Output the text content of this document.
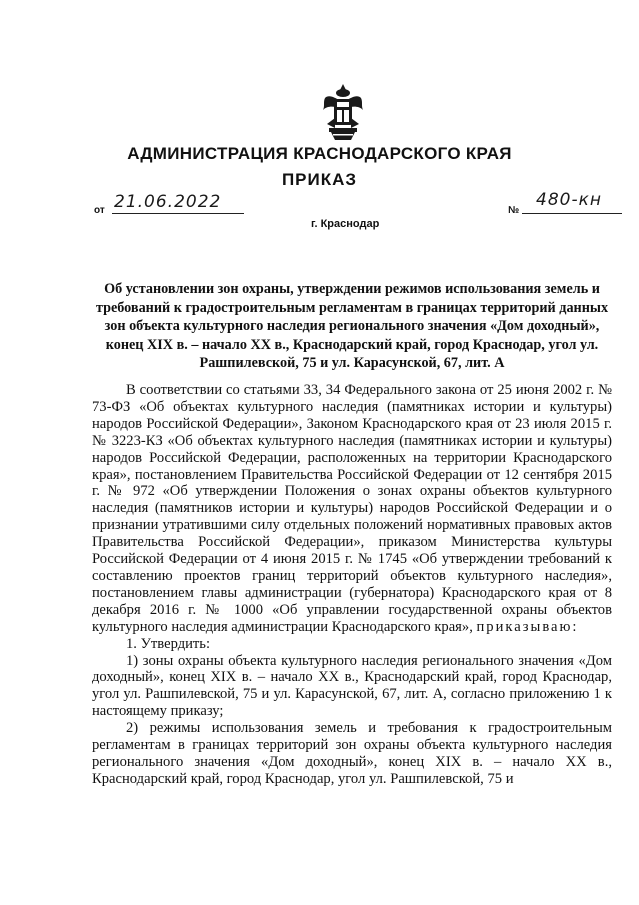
АДМИНИСТРАЦИЯ КРАСНОДАРСКОГО КРАЯ
ПРИКАЗ
от 21.06.2022	№
480-кн
г. Краснодар
Об установлении зон охраны, утверждении режимов использования земель и требований к градостроительным регламентам в границах территорий данных зон объекта культурного наследия регионального значения «Дом доходный», конец XIX в. – начало XX в., Краснодарский край, город Краснодар, угол ул. Рашпилевской, 75 и ул. Карасунской, 67, лит. А

В соответствии со статьями 33, 34 Федерального закона от 25 июня 2002 г. № 73-ФЗ «Об объектах культурного наследия (памятниках истории и культуры) народов Российской Федерации», Законом Краснодарского края от 23 июля 2015 г. № 3223-КЗ «Об объектах культурного наследия (памятниках истории и культуры) народов Российской Федерации, расположенных на территории Краснодарского края», постановлением Правительства Российской Федерации от 12 сентября 2015 г. № 972 «Об утверждении Положения о зонах охраны объектов культурного наследия (памятников истории и культуры) народов Российской Федерации и о признании утратившими силу отдельных положений нормативных правовых актов Правительства Российской Федерации», приказом Министерства культуры Российской Федерации от 4 июня 2015 г. № 1745 «Об утверждении требований к составлению проектов границ территорий объектов культурного наследия», постановлением главы администрации (губернатора) Краснодарского края от 8 декабря 2016 г. № 1000 «Об управлении государственной охраны объектов культурного наследия администрации Краснодарского края», приказываю:

1. Утвердить:

1) зоны охраны объекта культурного наследия регионального значения «Дом доходный», конец XIX в. – начало XX в., Краснодарский край, город Краснодар, угол ул. Рашпилевской, 75 и ул. Карасунской, 67, лит. А, согласно приложению 1 к настоящему приказу;

2) режимы использования земель и требования к градостроительным регламентам в границах территорий зон охраны объекта культурного наследия регионального значения «Дом доходный», конец XIX в. – начало XX в., Краснодарский край, город Краснодар, угол ул. Рашпилевской, 75 и
